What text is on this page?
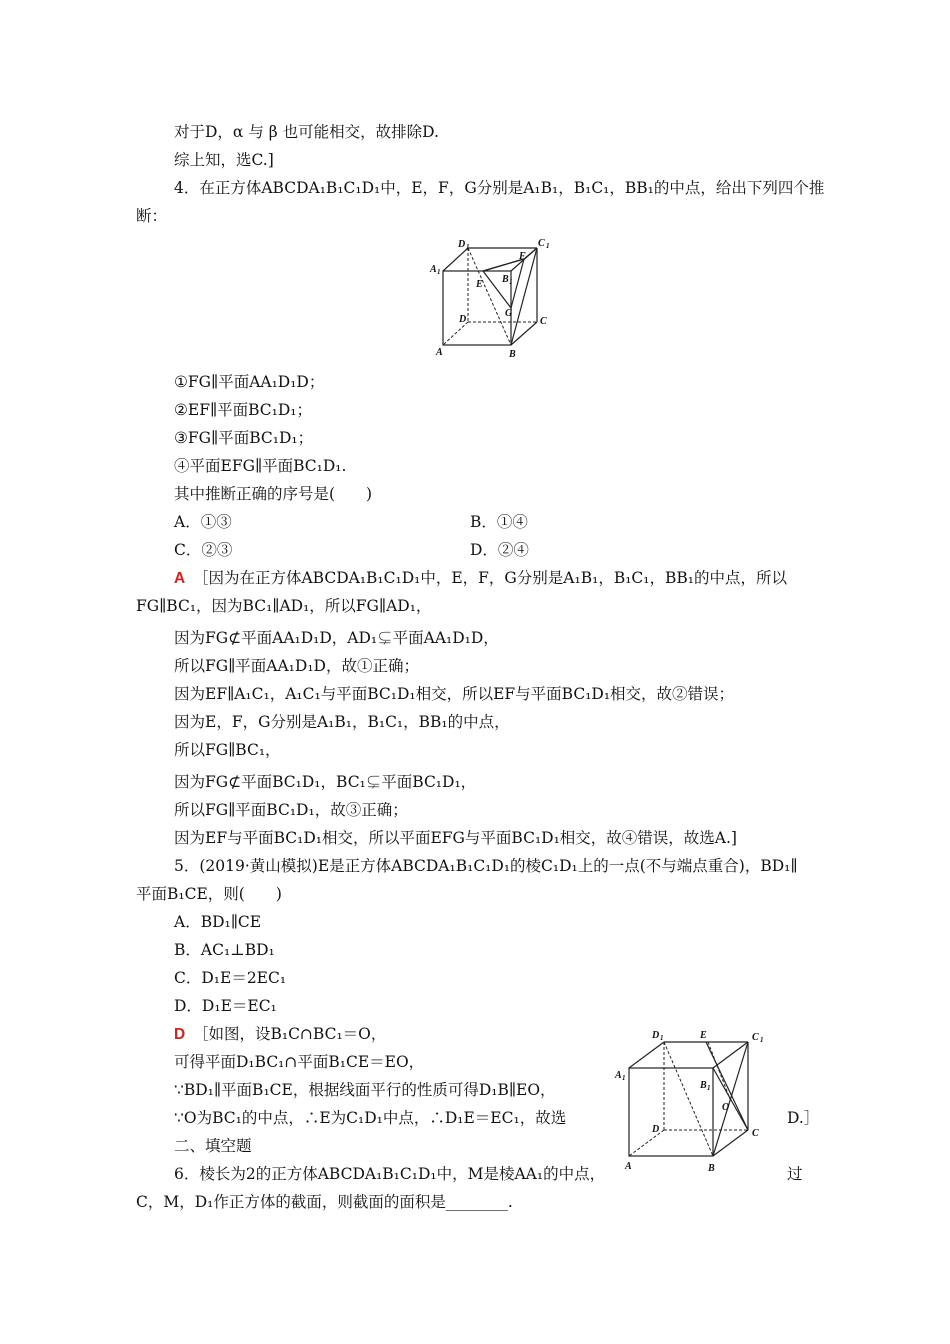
对于D，α 与 β 也可能相交，故排除D.
综上知，选C.]
4．在正方体ABCDA₁B₁C₁D₁中，E，F，G分别是A₁B₁，B₁C₁，BB₁的中点，给出下列四个推
断：
D 1	C 1
A 1
E
F
B 1
G
D	C
A	B
①FG∥平面AA₁D₁D；
②EF∥平面BC₁D₁；
③FG∥平面BC₁D₁；
④平面EFG∥平面BC₁D₁.
其中推断正确的序号是(　　)
A．①③	B．①④
C．②③	D．②④
A　 ［因为在正方体ABCDA₁B₁C₁D₁中，E，F，G分别是A₁B₁，B₁C₁，BB₁的中点，所以
FG∥BC₁，因为BC₁∥AD₁，所以FG∥AD₁，
因为FG⊄平面AA₁D₁D，AD₁⊊平面AA₁D₁D，
所以FG∥平面AA₁D₁D，故①正确；
因为EF∥A₁C₁，A₁C₁与平面BC₁D₁相交，所以EF与平面BC₁D₁相交，故②错误；
因为E，F，G分别是A₁B₁，B₁C₁，BB₁的中点，
所以FG∥BC₁，
因为FG⊄平面BC₁D₁，BC₁⊊平面BC₁D₁，
所以FG∥平面BC₁D₁，故③正确；
因为EF与平面BC₁D₁相交，所以平面EFG与平面BC₁D₁相交，故④错误，故选A.]
5．(2019·黄山模拟)E是正方体ABCDA₁B₁C₁D₁的棱C₁D₁上的一点(不与端点重合)，BD₁∥
平面B₁CE，则(　　)
A．BD₁∥CE
B．AC₁⊥BD₁
C．D₁E＝2EC₁
D．D₁E＝EC₁
D　 ［如图，设B₁C∩BC₁＝O，
可得平面D₁BC₁∩平面B₁CE＝EO，
∵BD₁∥平面B₁CE，根据线面平行的性质可得D₁B∥EO，
∵O为BC₁的中点，∴E为C₁D₁中点，∴D₁E＝EC₁，故选	D.］
二、填空题
6．棱长为2的正方体ABCDA₁B₁C₁D₁中，M是棱AA₁的中点，	过
C，M，D₁作正方体的截面，则截面的面积是________.
D 1	E	C 1
A 1
B 1
O
D	C
A	B
